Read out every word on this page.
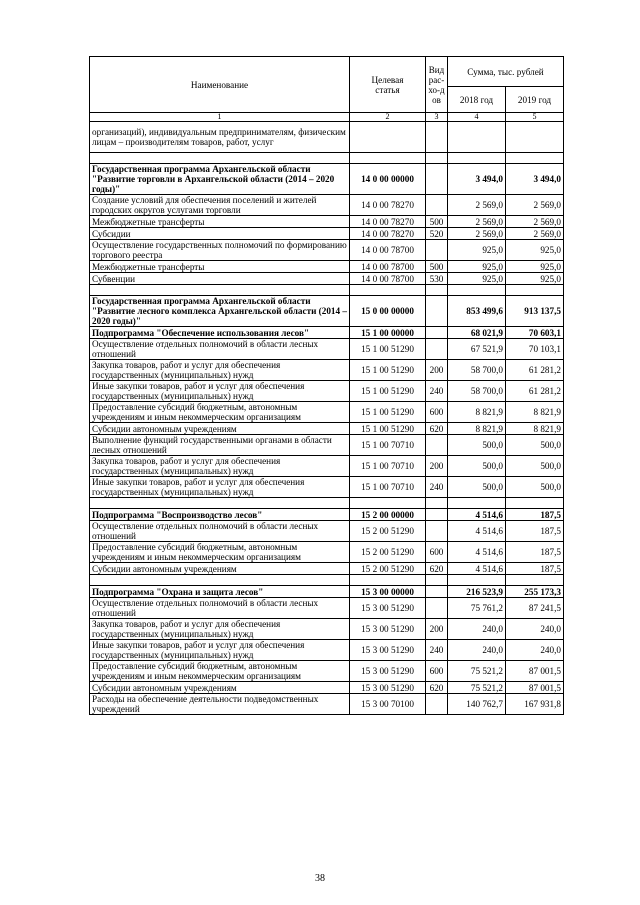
Наименование	Целевая статья	Вид рас-хо-дов	Сумма, тыс. рублей	
			2018 год	2019 год
1	2	3	4	5
организаций), индивидуальным предпринимателям, физическим лицам – производителям товаров, работ, услуг				

Государственная программа Архангельской области "Развитие торговли в Архангельской области (2014 – 2020 годы)"	14 0 00 00000		3 494,0	3 494,0
Создание условий для обеспечения поселений и жителей городских округов услугами торговли	14 0 00 78270		2 569,0	2 569,0
Межбюджетные трансферты	14 0 00 78270	500	2 569,0	2 569,0
Субсидии	14 0 00 78270	520	2 569,0	2 569,0
Осуществление государственных полномочий по формированию торгового реестра	14 0 00 78700		925,0	925,0
Межбюджетные трансферты	14 0 00 78700	500	925,0	925,0
Субвенции	14 0 00 78700	530	925,0	925,0

Государственная программа Архангельской области "Развитие лесного комплекса Архангельской области (2014 – 2020 годы)"	15 0 00 00000		853 499,6	913 137,5
Подпрограмма "Обеспечение использования лесов"	15 1 00 00000		68 021,9	70 603,1
Осуществление отдельных полномочий в области лесных отношений	15 1 00 51290		67 521,9	70 103,1
Закупка товаров, работ и услуг для обеспечения государственных (муниципальных) нужд	15 1 00 51290	200	58 700,0	61 281,2
Иные закупки товаров, работ и услуг для обеспечения государственных (муниципальных) нужд	15 1 00 51290	240	58 700,0	61 281,2
Предоставление субсидий бюджетным, автономным учреждениям и иным некоммерческим организациям	15 1 00 51290	600	8 821,9	8 821,9
Субсидии автономным учреждениям	15 1 00 51290	620	8 821,9	8 821,9
Выполнение функций государственными органами в области лесных отношений	15 1 00 70710		500,0	500,0
Закупка товаров, работ и услуг для обеспечения государственных (муниципальных) нужд	15 1 00 70710	200	500,0	500,0
Иные закупки товаров, работ и услуг для обеспечения государственных (муниципальных) нужд	15 1 00 70710	240	500,0	500,0

Подпрограмма "Воспроизводство лесов"	15 2 00 00000		4 514,6	187,5
Осуществление отдельных полномочий в области лесных отношений	15 2 00 51290		4 514,6	187,5
Предоставление субсидий бюджетным, автономным учреждениям и иным некоммерческим организациям	15 2 00 51290	600	4 514,6	187,5
Субсидии автономным учреждениям	15 2 00 51290	620	4 514,6	187,5

Подпрограмма "Охрана и защита лесов"	15 3 00 00000		216 523,9	255 173,3
Осуществление отдельных полномочий в области лесных отношений	15 3 00 51290		75 761,2	87 241,5
Закупка товаров, работ и услуг для обеспечения государственных (муниципальных) нужд	15 3 00 51290	200	240,0	240,0
Иные закупки товаров, работ и услуг для обеспечения государственных (муниципальных) нужд	15 3 00 51290	240	240,0	240,0
Предоставление субсидий бюджетным, автономным учреждениям и иным некоммерческим организациям	15 3 00 51290	600	75 521,2	87 001,5
Субсидии автономным учреждениям	15 3 00 51290	620	75 521,2	87 001,5
Расходы на обеспечение деятельности подведомственных учреждений	15 3 00 70100		140 762,7	167 931,8
38
